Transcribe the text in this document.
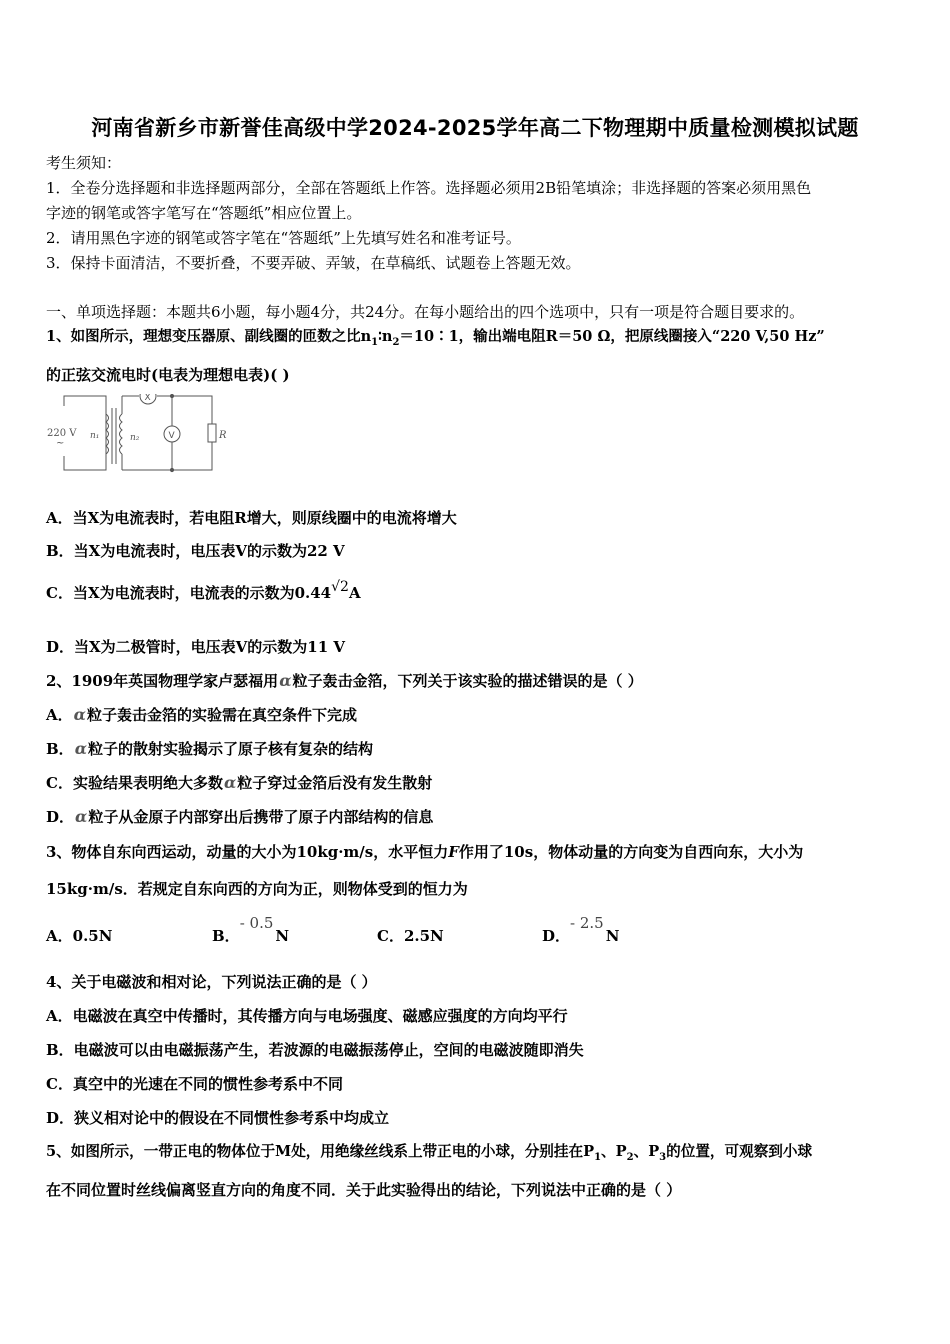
河南省新乡市新誉佳高级中学2024-2025学年高二下物理期中质量检测模拟试题
考生须知：
1．全卷分选择题和非选择题两部分，全部在答题纸上作答。选择题必须用2B铅笔填涂；非选择题的答案必须用黑色
字迹的钢笔或答字笔写在“答题纸”相应位置上。
2．请用黑色字迹的钢笔或答字笔在“答题纸”上先填写姓名和准考证号。
3．保持卡面清洁，不要折叠，不要弄破、弄皱，在草稿纸、试题卷上答题无效。
一、单项选择题：本题共6小题，每小题4分，共24分。在每小题给出的四个选项中，只有一项是符合题目要求的。
1、如图所示，理想变压器原、副线圈的匝数之比$n_1∶n_2=10∶1$，输出端电阻R＝50 Ω，把原线圈接入“220 V,50 Hz”
的正弦交流电时(电表为理想电表)( )
220 V
~
n₁	n₂
X
V	R
A．当X为电流表时，若电阻R增大，则原线圈中的电流将增大
B．当X为电流表时，电压表V的示数为22 V
C．当X为电流表时，电流表的示数为0.44√2A
D．当X为二极管时，电压表V的示数为11 V
2、1909年英国物理学家卢瑟福用α粒子轰击金箔，下列关于该实验的描述错误的是（ ）
A．α粒子轰击金箔的实验需在真空条件下完成
B．α粒子的散射实验揭示了原子核有复杂的结构
C．实验结果表明绝大多数α粒子穿过金箔后没有发生散射
D．α粒子从金原子内部穿出后携带了原子内部结构的信息
3、物体自东向西运动，动量的大小为10kg·m/s，水平恒力F作用了10s，物体动量的方向变为自西向东，大小为
15kg·m/s．若规定自东向西的方向为正，则物体受到的恒力为
A．0.5N	B．- 0.5N	C．2.5N	D．- 2.5N
4、关于电磁波和相对论，下列说法正确的是（ ）
A．电磁波在真空中传播时，其传播方向与电场强度、磁感应强度的方向均平行
B．电磁波可以由电磁振荡产生，若波源的电磁振荡停止，空间的电磁波随即消失
C．真空中的光速在不同的惯性参考系中不同
D．狭义相对论中的假设在不同惯性参考系中均成立
5、如图所示，一带正电的物体位于M处，用绝缘丝线系上带正电的小球，分别挂在$P_1$、$P_2$、$P_3$的位置，可观察到小球
在不同位置时丝线偏离竖直方向的角度不同．关于此实验得出的结论，下列说法中正确的是（ ）
